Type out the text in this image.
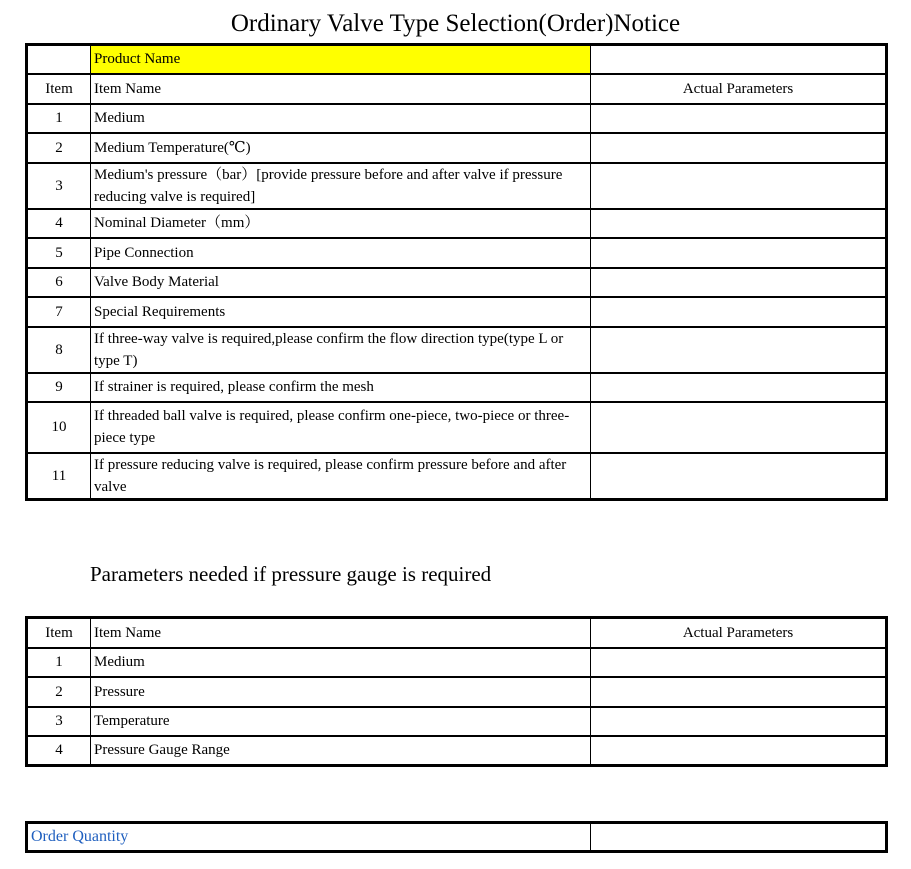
Ordinary Valve Type Selection(Order)Notice
	Product Name	
Item	Item Name	Actual Parameters
1	Medium	
2	Medium Temperature(℃)	
3	Medium's pressure（bar）[provide pressure before and after valve if pressure reducing valve is required]	
4	Nominal Diameter（mm）	
5	Pipe Connection	
6	Valve Body Material	
7	Special Requirements	
8	If three-way valve is required,please confirm the flow direction type(type L or type T)	
9	If strainer is required, please confirm the mesh	
10	If threaded ball valve is required, please confirm one-piece, two-piece or three-piece type	
11	If pressure reducing valve is required, please confirm pressure before and after valve	
Parameters needed if pressure gauge is required
Item	Item Name	Actual Parameters
1	Medium	
2	Pressure	
3	Temperature	
4	Pressure Gauge Range	
Order Quantity	
